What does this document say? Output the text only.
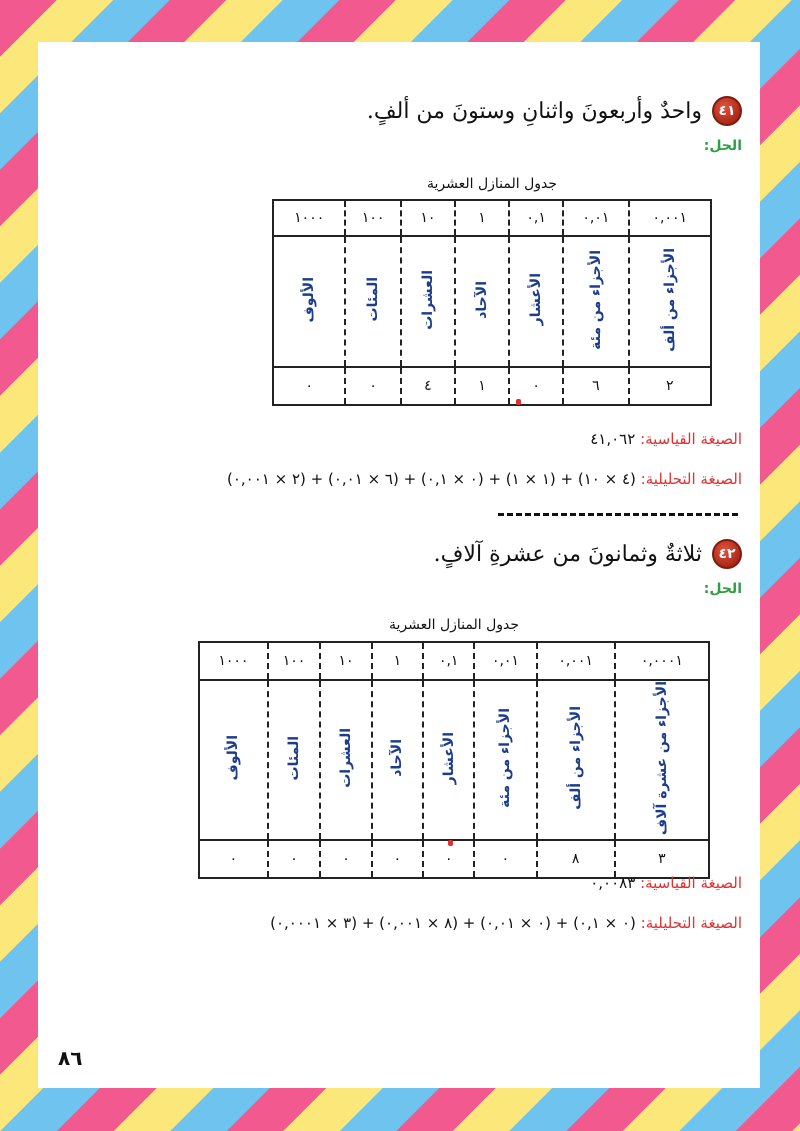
٤١
واحدٌ وأربعونَ واثنانِ وستونَ من ألفٍ.
الحل:
جدول المنازل العشرية
٠,٠٠١	٠,٠١	٠,١	١	١٠	١٠٠	١٠٠٠
الأجزاء من ألف	الأجزاء من مئة	الأعشار	الآحاد	العشرات	المئات	الألوف
٢	٦	٠	١	٤	٠	٠
الصيغة القياسية: ٤١,٠٦٢
الصيغة التحليلية: (٤ × ١٠) + (١ × ١) + (٠ × ٠,١) + (٦ × ٠,٠١) + (٢ × ٠,٠٠١)
٤٢
ثلاثةٌ وثمانونَ من عشرةِ آلافٍ.
الحل:
جدول المنازل العشرية
٠,٠٠٠١	٠,٠٠١	٠,٠١	٠,١	١	١٠	١٠٠	١٠٠٠
الأجزاء من عشرة آلاف	الأجزاء من ألف	الأجزاء من مئة	الأعشار	الآحاد	العشرات	المئات	الألوف
٣	٨	٠	٠	٠	٠	٠	٠
الصيغة القياسية: ٠,٠٠٨٣
الصيغة التحليلية: (٠ × ٠,١) + (٠ × ٠,٠١) + (٨ × ٠,٠٠١) + (٣ × ٠,٠٠٠١)
٨٦
